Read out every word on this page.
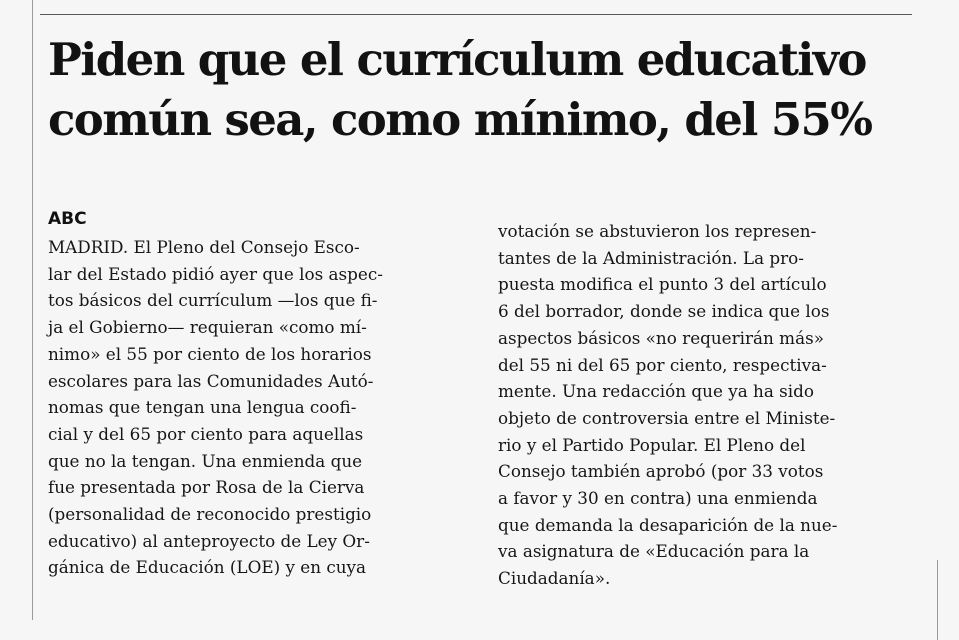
Piden que el currículum educativo
común sea, como mínimo, del 55%
ABC
MADRID. El Pleno del Consejo Esco-
lar del Estado pidió ayer que los aspec-
tos básicos del currículum —los que fi-
ja el Gobierno— requieran «como mí-
nimo» el 55 por ciento de los horarios
escolares para las Comunidades Autó-
nomas que tengan una lengua coofi-
cial y del 65 por ciento para aquellas
que no la tengan. Una enmienda que
fue presentada por Rosa de la Cierva
(personalidad de reconocido prestigio
educativo) al anteproyecto de Ley Or-
gánica de Educación (LOE) y en cuya
votación se abstuvieron los represen-
tantes de la Administración. La pro-
puesta modifica el punto 3 del artículo
6 del borrador, donde se indica que los
aspectos básicos «no requerirán más»
del 55 ni del 65 por ciento, respectiva-
mente. Una redacción que ya ha sido
objeto de controversia entre el Ministe-
rio y el Partido Popular. El Pleno del
Consejo también aprobó (por 33 votos
a favor y 30 en contra) una enmienda
que demanda la desaparición de la nue-
va asignatura de «Educación para la
Ciudadanía».
